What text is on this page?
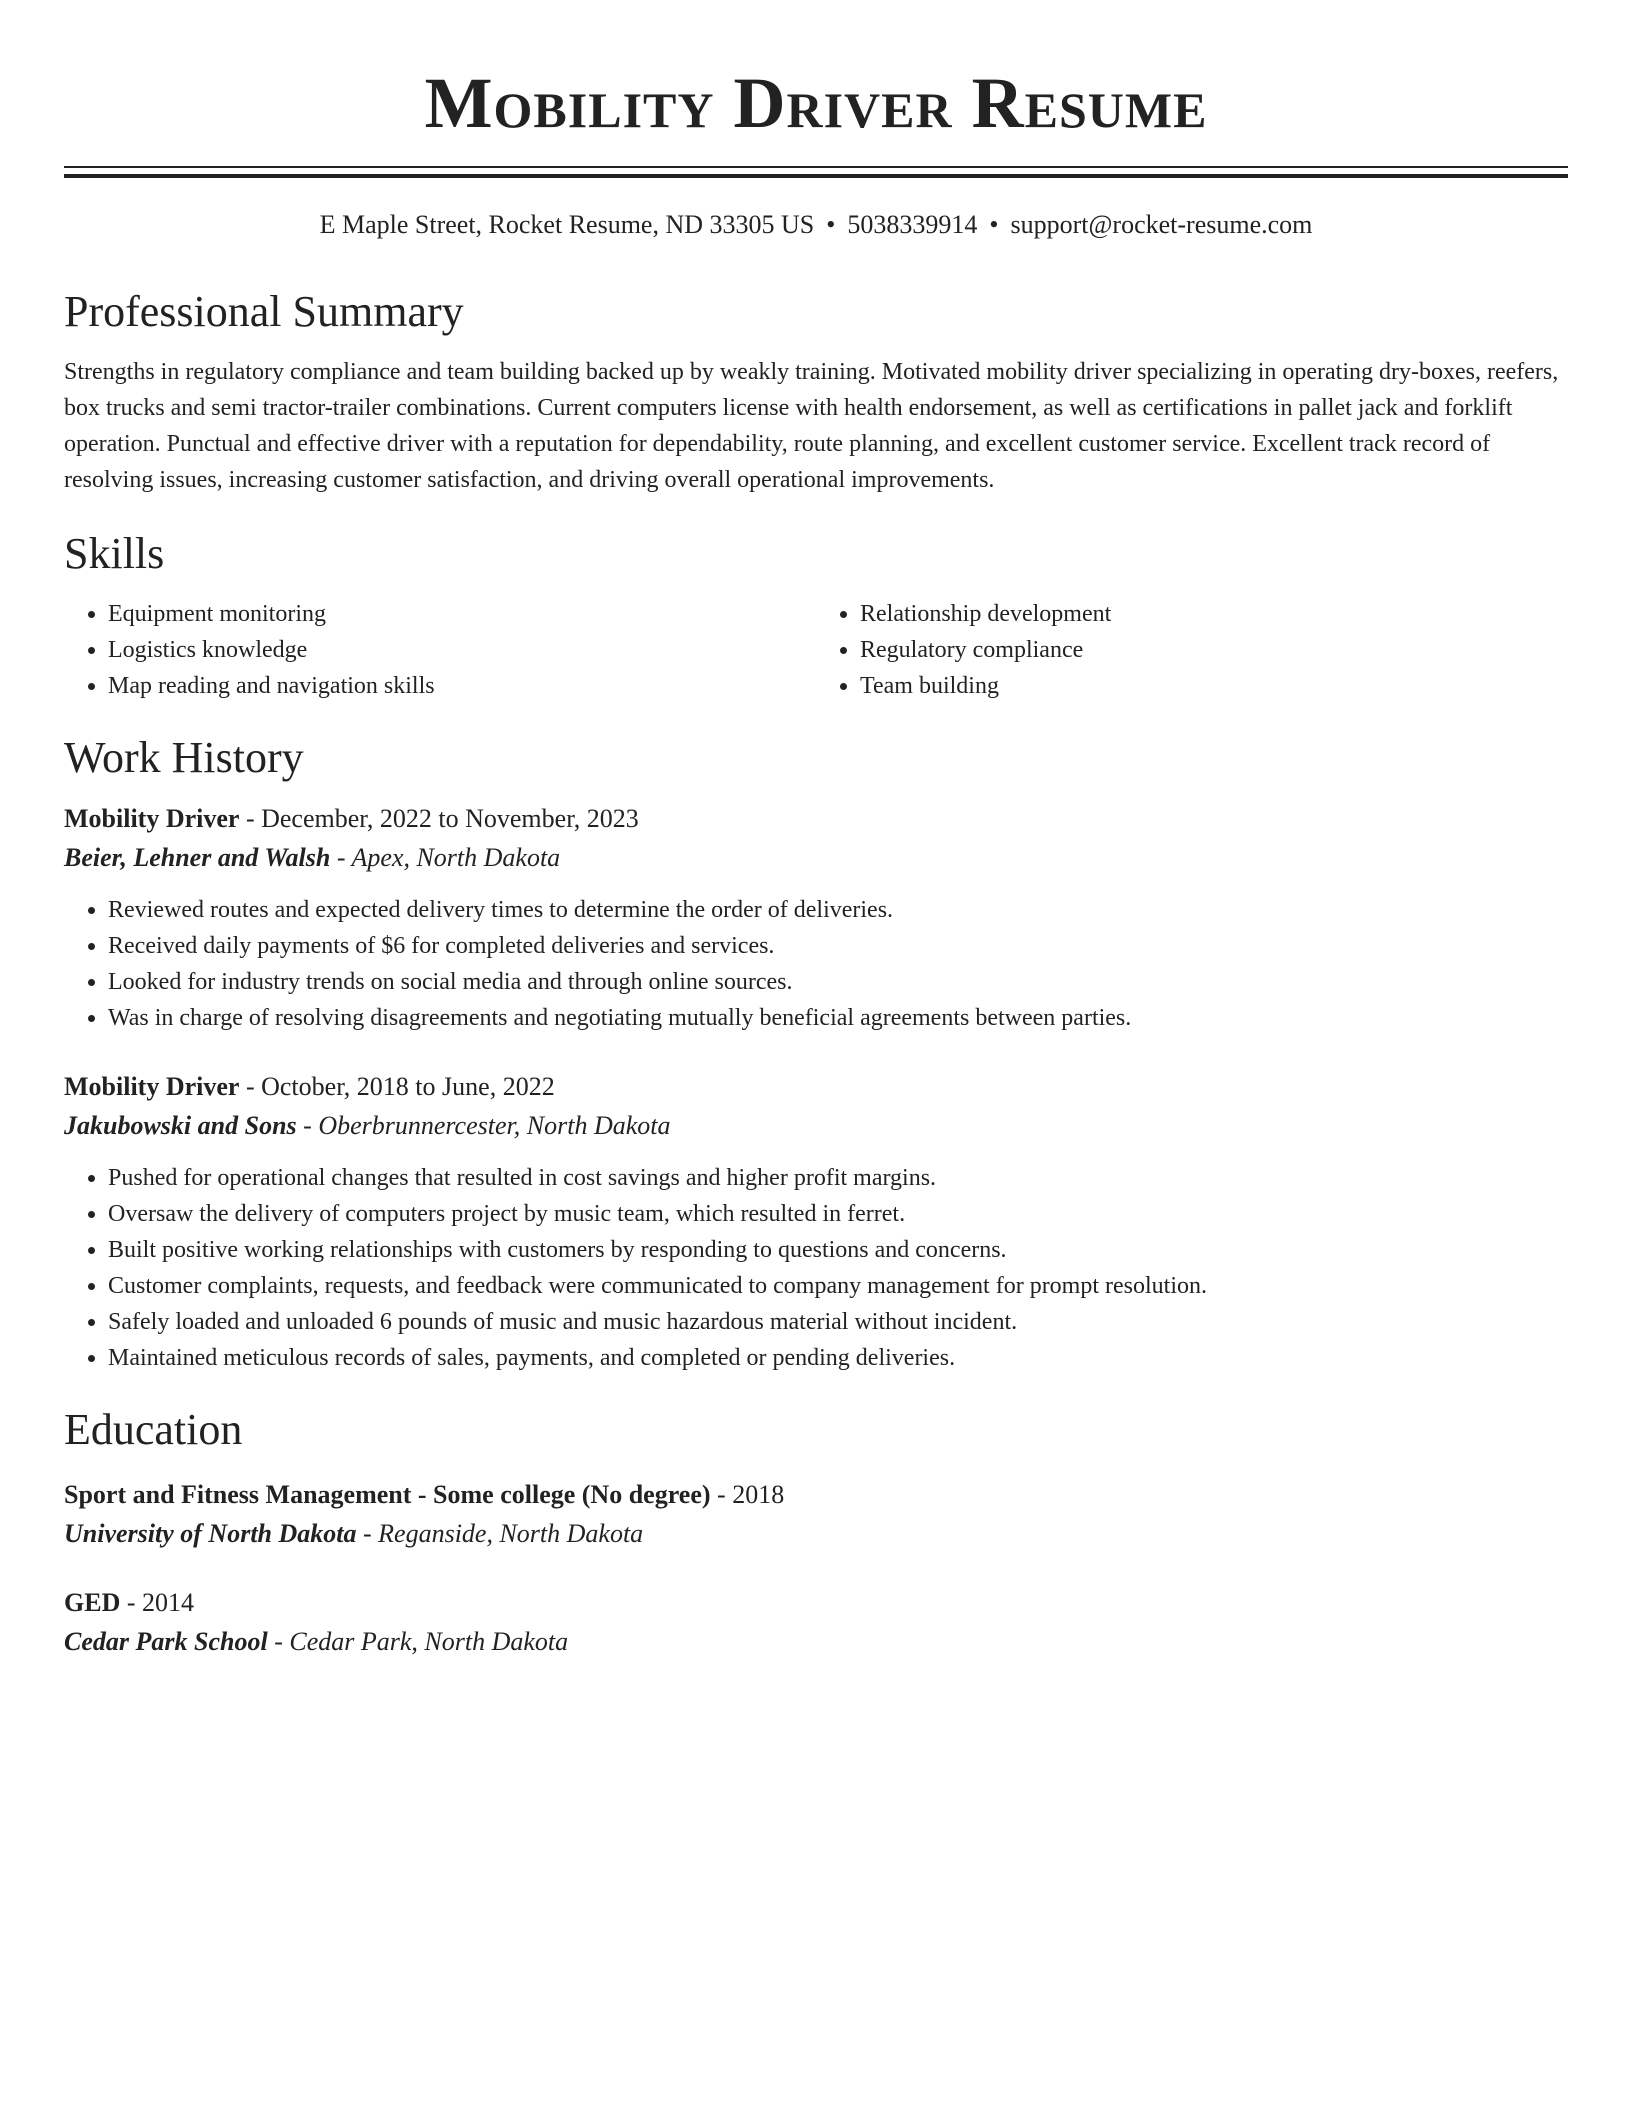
Mobility Driver Resume
E Maple Street, Rocket Resume, ND 33305 US • 5038339914 • support@rocket-resume.com
Professional Summary
Strengths in regulatory compliance and team building backed up by weakly training. Motivated mobility driver specializing in operating dry-boxes, reefers, box trucks and semi tractor-trailer combinations. Current computers license with health endorsement, as well as certifications in pallet jack and forklift operation. Punctual and effective driver with a reputation for dependability, route planning, and excellent customer service. Excellent track record of resolving issues, increasing customer satisfaction, and driving overall operational improvements.
Skills
• Equipment monitoring
• Logistics knowledge
• Map reading and navigation skills
• Relationship development
• Regulatory compliance
• Team building
Work History
Mobility Driver - December, 2022 to November, 2023
Beier, Lehner and Walsh - Apex, North Dakota
• Reviewed routes and expected delivery times to determine the order of deliveries.
• Received daily payments of $6 for completed deliveries and services.
• Looked for industry trends on social media and through online sources.
• Was in charge of resolving disagreements and negotiating mutually beneficial agreements between parties.
Mobility Driver - October, 2018 to June, 2022
Jakubowski and Sons - Oberbrunnercester, North Dakota
• Pushed for operational changes that resulted in cost savings and higher profit margins.
• Oversaw the delivery of computers project by music team, which resulted in ferret.
• Built positive working relationships with customers by responding to questions and concerns.
• Customer complaints, requests, and feedback were communicated to company management for prompt resolution.
• Safely loaded and unloaded 6 pounds of music and music hazardous material without incident.
• Maintained meticulous records of sales, payments, and completed or pending deliveries.
Education
Sport and Fitness Management - Some college (No degree) - 2018
University of North Dakota - Reganside, North Dakota
GED - 2014
Cedar Park School - Cedar Park, North Dakota
